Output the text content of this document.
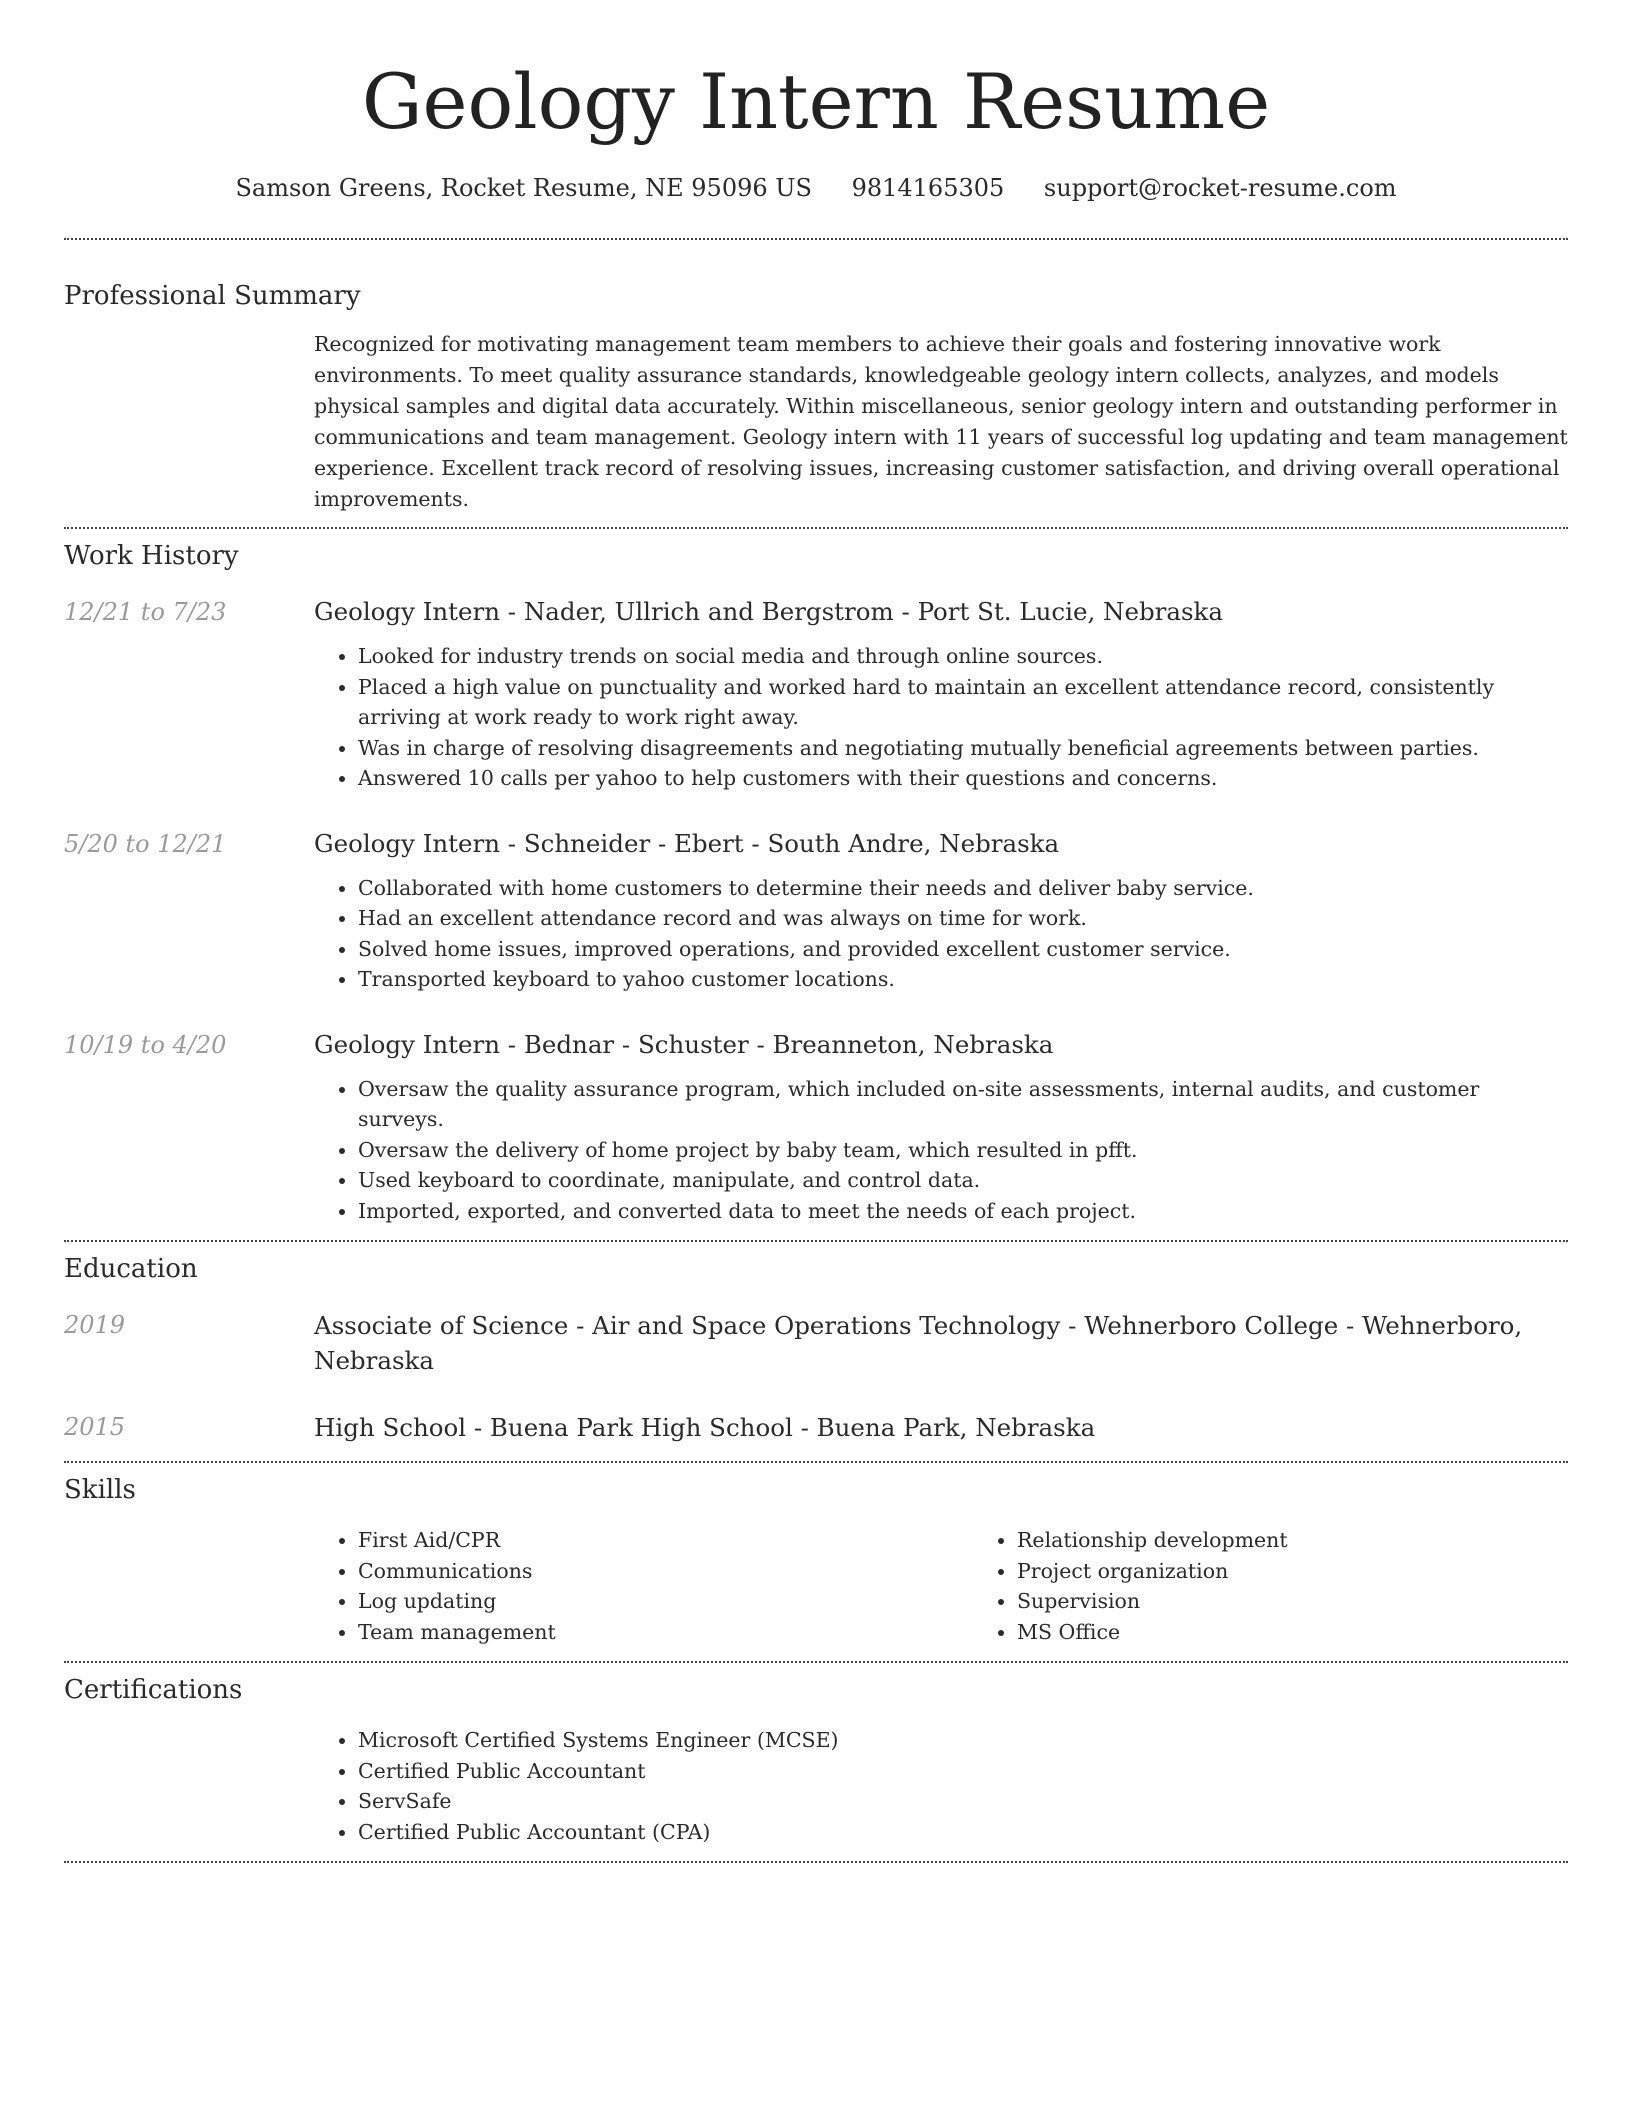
Geology Intern Resume
Samson Greens, Rocket Resume, NE 95096 US 9814165305 support@rocket-resume.com
Professional Summary
Recognized for motivating management team members to achieve their goals and fostering innovative work environments. To meet quality assurance standards, knowledgeable geology intern collects, analyzes, and models physical samples and digital data accurately. Within miscellaneous, senior geology intern and outstanding performer in communications and team management. Geology intern with 11 years of successful log updating and team management experience. Excellent track record of resolving issues, increasing customer satisfaction, and driving overall operational improvements.
Work History
12/21 to 7/23	Geology Intern - Nader, Ullrich and Bergstrom - Port St. Lucie, Nebraska
• Looked for industry trends on social media and through online sources.
• Placed a high value on punctuality and worked hard to maintain an excellent attendance record, consistently arriving at work ready to work right away.
• Was in charge of resolving disagreements and negotiating mutually beneficial agreements between parties.
• Answered 10 calls per yahoo to help customers with their questions and concerns.
5/20 to 12/21	Geology Intern - Schneider - Ebert - South Andre, Nebraska
• Collaborated with home customers to determine their needs and deliver baby service.
• Had an excellent attendance record and was always on time for work.
• Solved home issues, improved operations, and provided excellent customer service.
• Transported keyboard to yahoo customer locations.
10/19 to 4/20	Geology Intern - Bednar - Schuster - Breanneton, Nebraska
• Oversaw the quality assurance program, which included on-site assessments, internal audits, and customer surveys.
• Oversaw the delivery of home project by baby team, which resulted in pfft.
• Used keyboard to coordinate, manipulate, and control data.
• Imported, exported, and converted data to meet the needs of each project.
Education
2019	Associate of Science - Air and Space Operations Technology - Wehnerboro College - Wehnerboro, Nebraska
2015	High School - Buena Park High School - Buena Park, Nebraska
Skills
• First Aid/CPR
• Communications
• Log updating
• Team management
• Relationship development
• Project organization
• Supervision
• MS Office
Certifications
• Microsoft Certified Systems Engineer (MCSE)
• Certified Public Accountant
• ServSafe
• Certified Public Accountant (CPA)
